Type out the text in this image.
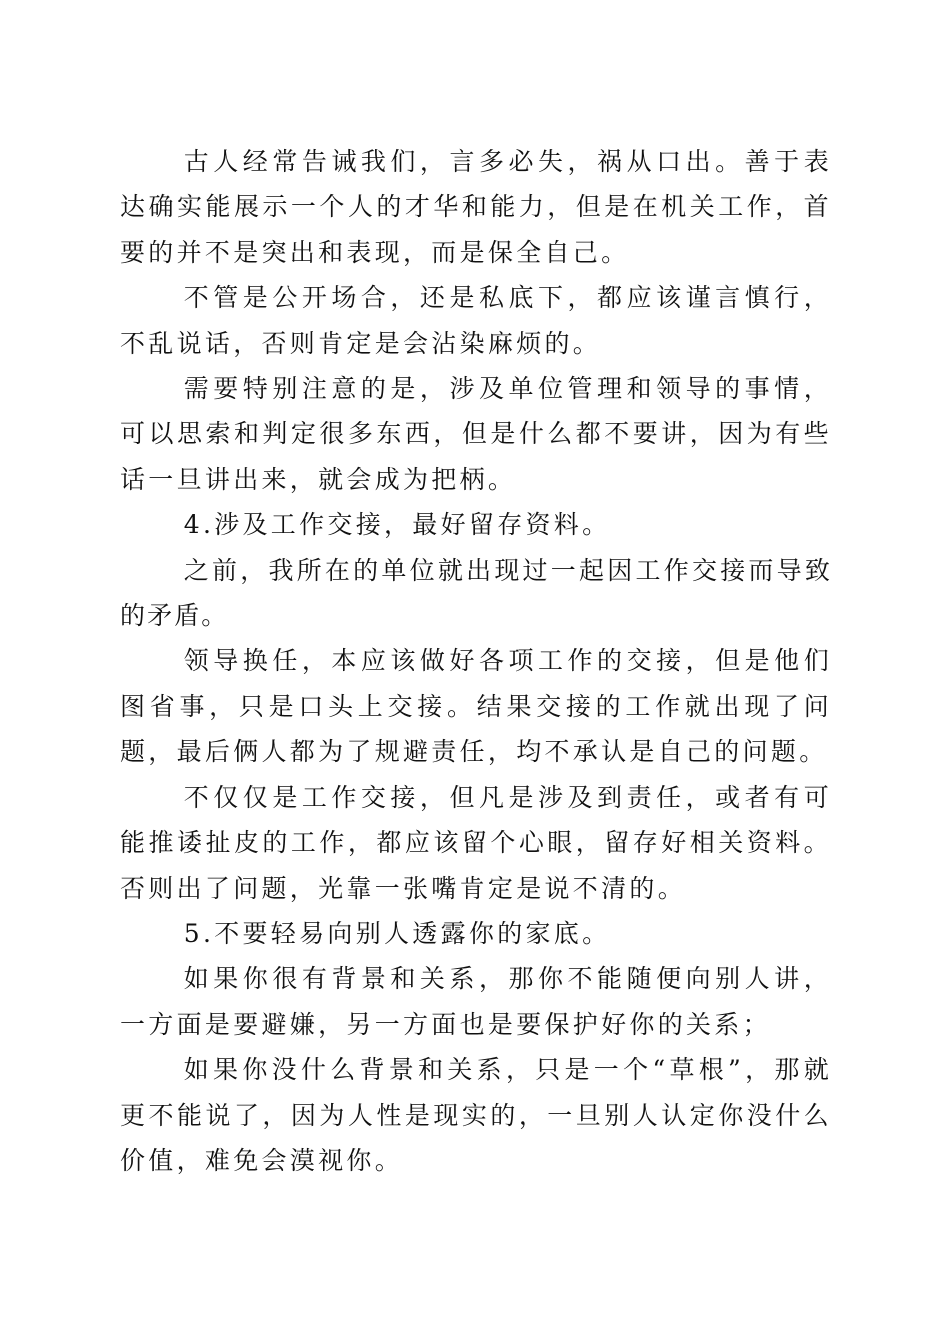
古人经常告诫我们，言多必失，祸从口出。善于表达确实能展示一个人的才华和能力，但是在机关工作，首要的并不是突出和表现，而是保全自己。

不管是公开场合，还是私底下，都应该谨言慎行，不乱说话，否则肯定是会沾染麻烦的。

需要特别注意的是，涉及单位管理和领导的事情，可以思索和判定很多东西，但是什么都不要讲，因为有些话一旦讲出来，就会成为把柄。

4.涉及工作交接，最好留存资料。

之前，我所在的单位就出现过一起因工作交接而导致的矛盾。

领导换任，本应该做好各项工作的交接，但是他们图省事，只是口头上交接。结果交接的工作就出现了问题，最后俩人都为了规避责任，均不承认是自己的问题。

不仅仅是工作交接，但凡是涉及到责任，或者有可能推诿扯皮的工作，都应该留个心眼，留存好相关资料。否则出了问题，光靠一张嘴肯定是说不清的。

5.不要轻易向别人透露你的家底。

如果你很有背景和关系，那你不能随便向别人讲，一方面是要避嫌，另一方面也是要保护好你的关系；

如果你没什么背景和关系，只是一个“草根”，那就更不能说了，因为人性是现实的，一旦别人认定你没什么价值，难免会漠视你。
